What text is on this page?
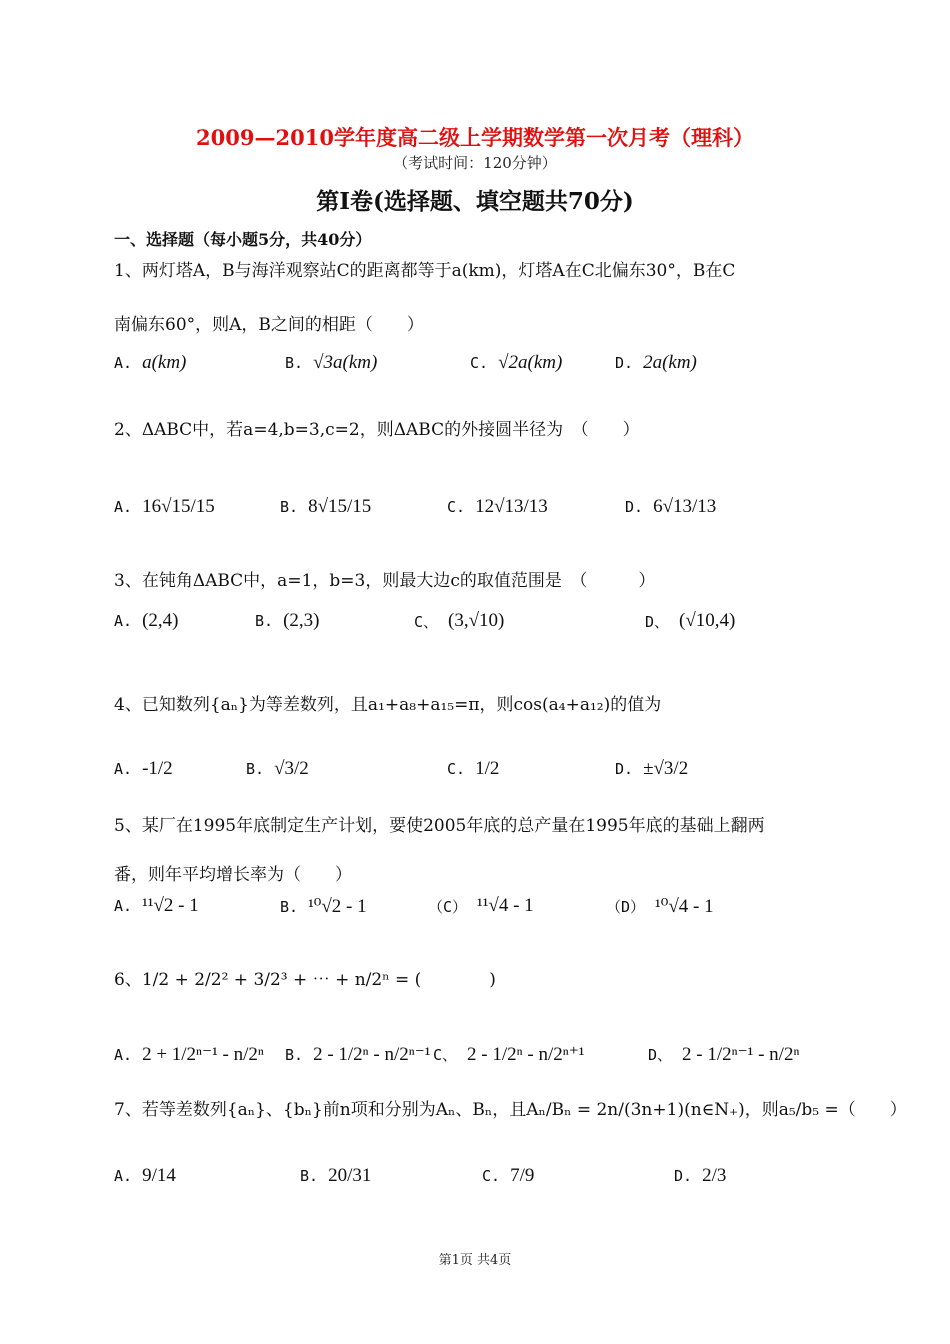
2009—2010学年度高二级上学期数学第一次月考（理科）
（考试时间：120分钟）
第Ⅰ卷(选择题、填空题共70分)
一、选择题（每小题5分，共40分）
1、两灯塔A，B与海洋观察站C的距离都等于a(km)，灯塔A在C北偏东30°，B在C
南偏东60°，则A，B之间的相距（　　）
A. a(km)	B. √3a(km)	C. √2a(km)	D. 2a(km)
2、ΔABC中，若a=4,b=3,c=2，则ΔABC的外接圆半径为　（　　）
A. 16√15/15	B. 8√15/15	C. 12√13/13	D. 6√13/13
3、在钝角ΔABC中，a=1，b=3，则最大边c的取值范围是　（　　　）
A. (2,4)	B. (2,3)	C、 (3,√10)	D、 (√10,4)
4、已知数列{aₙ}为等差数列，且a₁+a₈+a₁₅=π，则cos(a₄+a₁₂)的值为
A. -1/2	B. √3/2	C. 1/2	D. ±√3/2
5、某厂在1995年底制定生产计划，要使2005年底的总产量在1995年底的基础上翻两
番，则年平均增长率为（　　）
A. ¹¹√2 - 1	B. ¹⁰√2 - 1	（C） ¹¹√4 - 1	（D） ¹⁰√4 - 1
6、1/2 + 2/2² + 3/2³ + ⋯ + n/2ⁿ = (　　　　)
A. 2 + 1/2ⁿ⁻¹ - n/2ⁿ B. 2 - 1/2ⁿ - n/2ⁿ⁻¹ C、 2 - 1/2ⁿ - n/2ⁿ⁺¹	D、 2 - 1/2ⁿ⁻¹ - n/2ⁿ
7、若等差数列{aₙ}、{bₙ}前n项和分别为Aₙ、Bₙ，且Aₙ/Bₙ = 2n/(3n+1)(n∈N₊)，则a₅/b₅ =（　　）
A. 9/14	B. 20/31	C. 7/9	D. 2/3
第1页 共4页
